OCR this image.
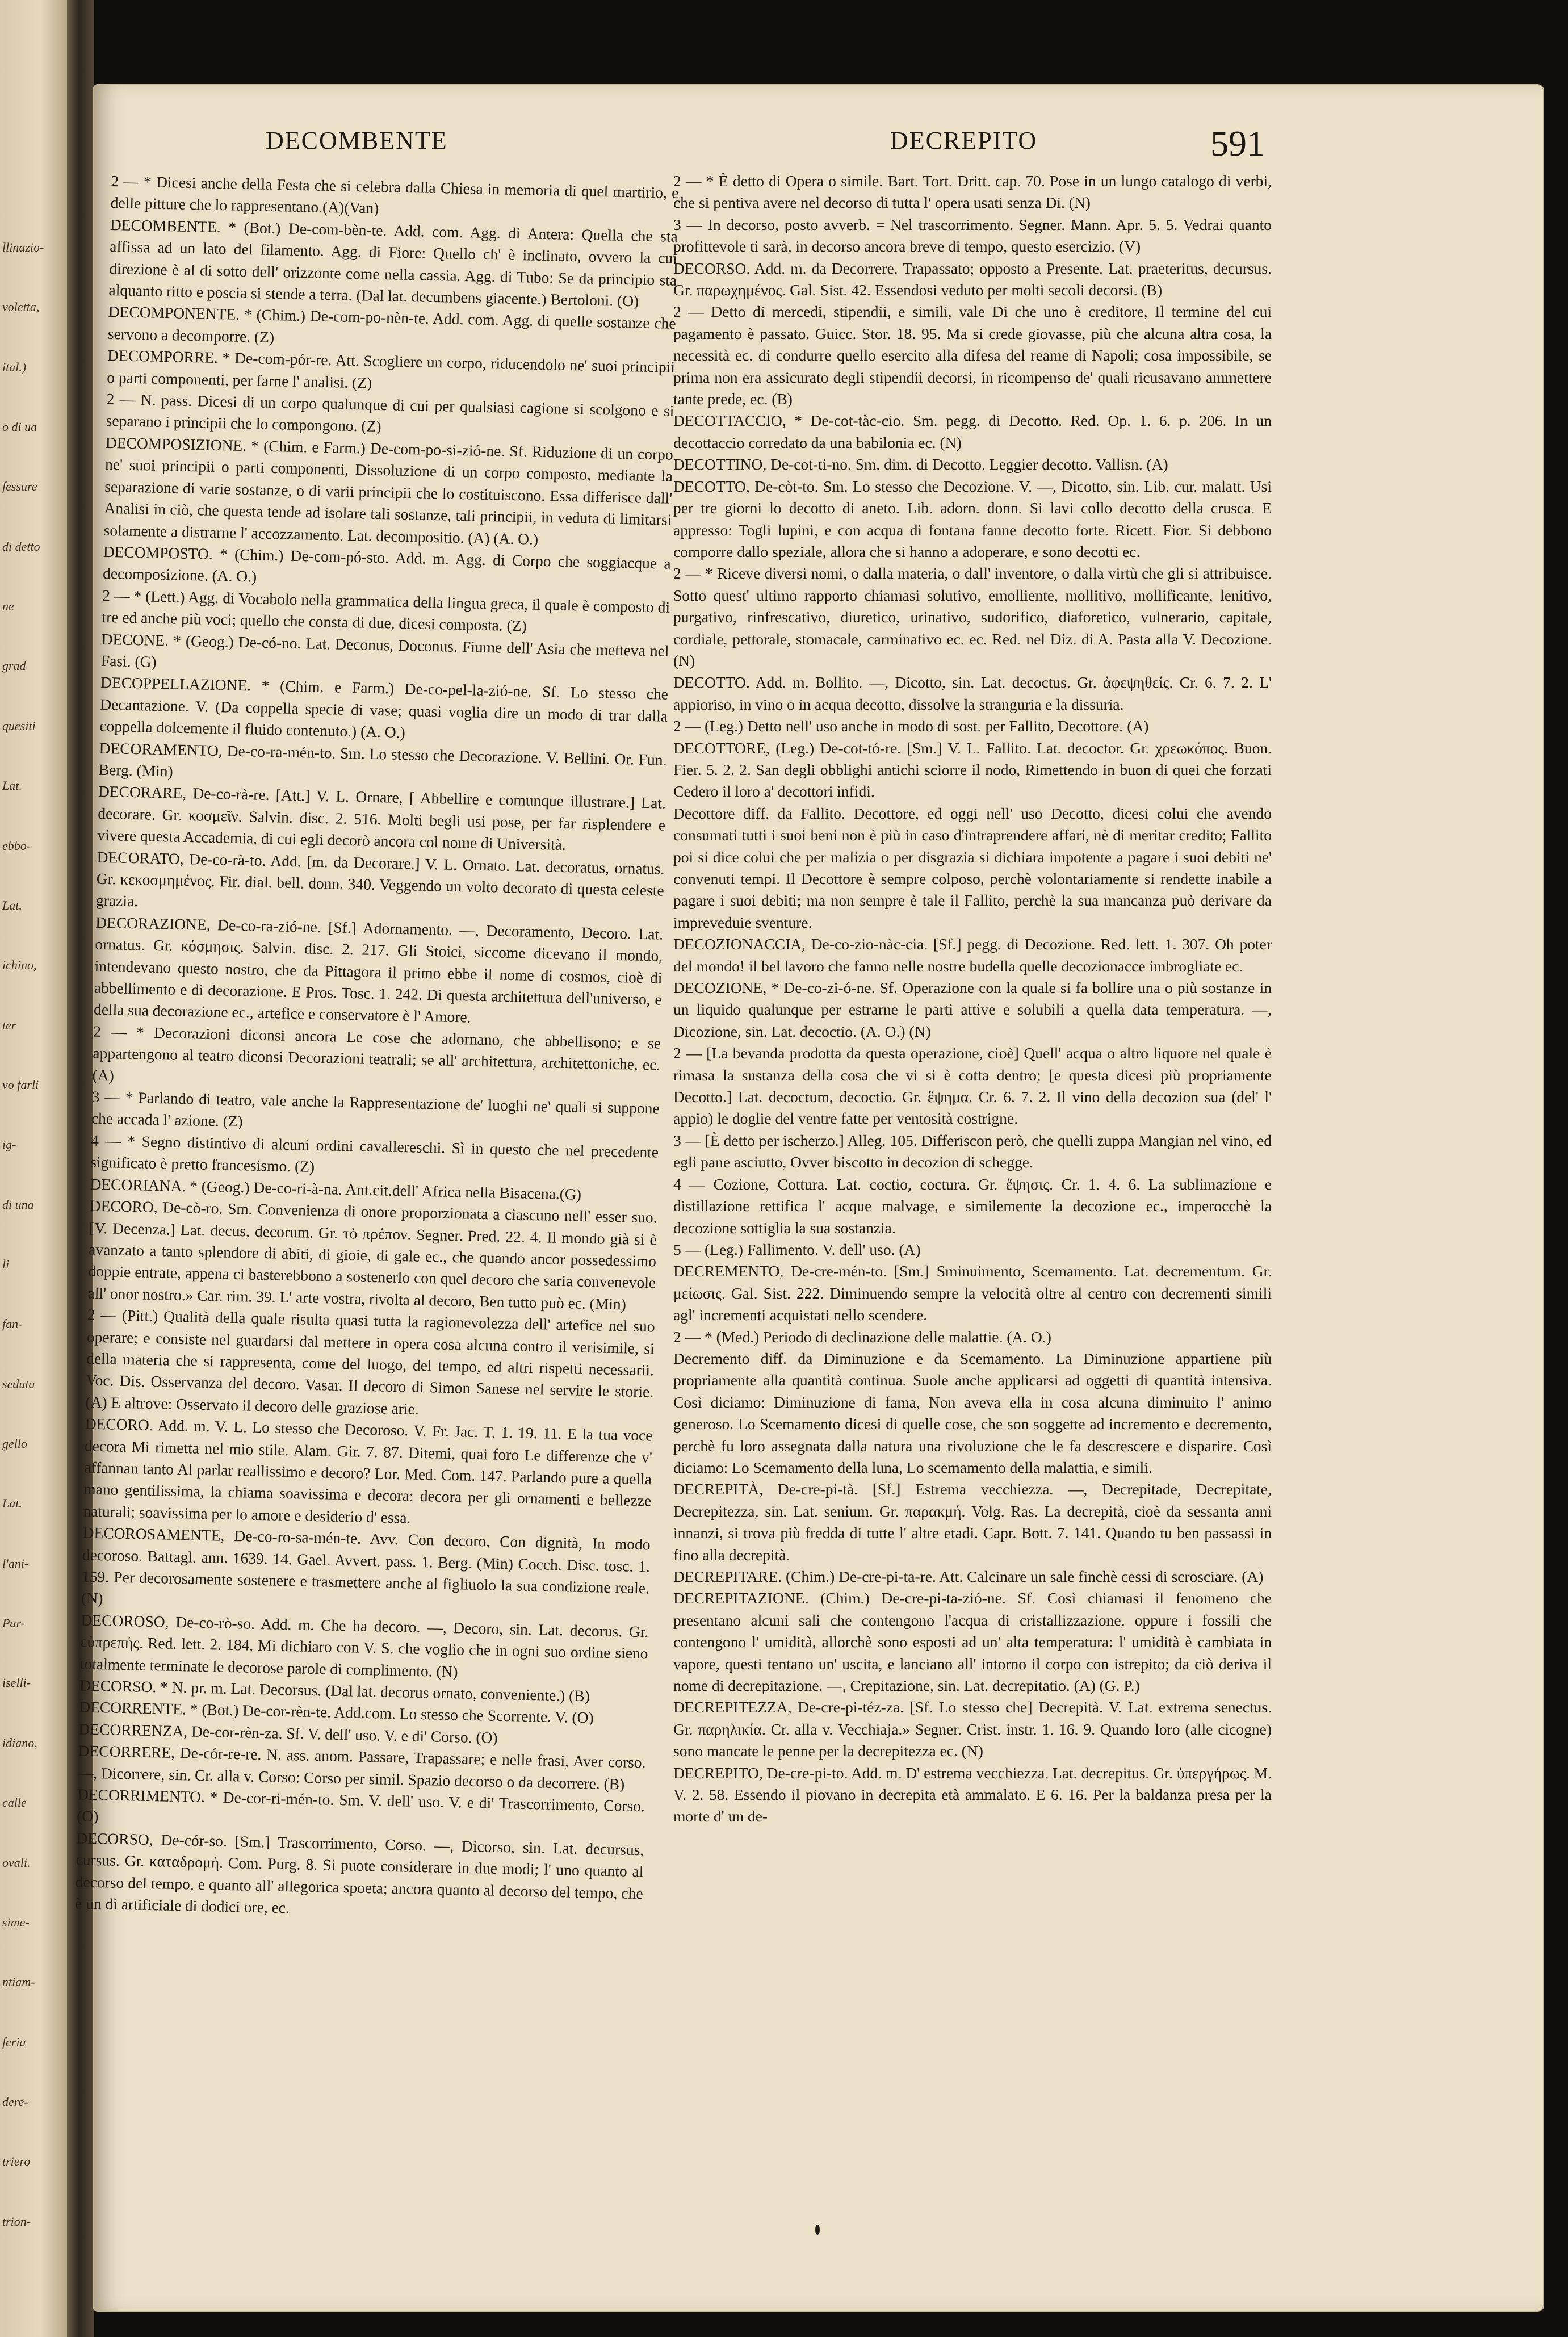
llinazio-
voletta,
ital.)
o di ua
fessure
di detto
ne
grad
quesiti
Lat.
ebbo-
Lat.
ichino,
ter
vo farli
ig-
di una
li
fan-
seduta
gello
Lat.
l'ani-
Par-
iselli-
idiano,
calle
ovali.
sime-
ntiam-
feria
dere-
triero
trion-
DECOMBENTE	DECREPITO	591

2 — * Dicesi anche della Festa che si celebra dalla Chiesa in memoria di quel martirio, e delle pitture che lo rappresentano.(A)(Van)

DECOMBENTE. * (Bot.) De-com-bèn-te. Add. com. Agg. di Antera: Quella che sta affissa ad un lato del filamento. Agg. di Fiore: Quello ch' è inclinato, ovvero la cui direzione è al di sotto dell' orizzonte come nella cassia. Agg. di Tubo: Se da principio sta alquanto ritto e poscia si stende a terra. (Dal lat. decumbens giacente.) Bertoloni. (O)

DECOMPONENTE. * (Chim.) De-com-po-nèn-te. Add. com. Agg. di quelle sostanze che servono a decomporre. (Z)

DECOMPORRE. * De-com-pór-re. Att. Scogliere un corpo, riducendolo ne' suoi principii o parti componenti, per farne l' analisi. (Z)

2 — N. pass. Dicesi di un corpo qualunque di cui per qualsiasi cagione si scolgono e si separano i principii che lo compongono. (Z)

DECOMPOSIZIONE. * (Chim. e Farm.) De-com-po-si-zió-ne. Sf. Riduzione di un corpo ne' suoi principii o parti componenti, Dissoluzione di un corpo composto, mediante la separazione di varie sostanze, o di varii principii che lo costituiscono. Essa differisce dall' Analisi in ciò, che questa tende ad isolare tali sostanze, tali principii, in veduta di limitarsi solamente a distrarne l' accozzamento. Lat. decompositio. (A) (A. O.)

DECOMPOSTO. * (Chim.) De-com-pó-sto. Add. m. Agg. di Corpo che soggiacque a decomposizione. (A. O.)

2 — * (Lett.) Agg. di Vocabolo nella grammatica della lingua greca, il quale è composto di tre ed anche più voci; quello che consta di due, dicesi composta. (Z)

DECONE. * (Geog.) De-có-no. Lat. Deconus, Doconus. Fiume dell' Asia che metteva nel Fasi. (G)

DECOPPELLAZIONE. * (Chim. e Farm.) De-co-pel-la-zió-ne. Sf. Lo stesso che Decantazione. V. (Da coppella specie di vase; quasi voglia dire un modo di trar dalla coppella dolcemente il fluido contenuto.) (A. O.)

DECORAMENTO, De-co-ra-mén-to. Sm. Lo stesso che Decorazione. V. Bellini. Or. Fun. Berg. (Min)

DECORARE, De-co-rà-re. [Att.] V. L. Ornare, [ Abbellire e comunque illustrare.] Lat. decorare. Gr. κοσμεῖν. Salvin. disc. 2. 516. Molti begli usi pose, per far risplendere e vivere questa Accademia, di cui egli decorò ancora col nome di Università.

DECORATO, De-co-rà-to. Add. [m. da Decorare.] V. L. Ornato. Lat. decoratus, ornatus. Gr. κεκοσμημένος. Fir. dial. bell. donn. 340. Veggendo un volto decorato di questa celeste grazia.

DECORAZIONE, De-co-ra-zió-ne. [Sf.] Adornamento. —, Decoramento, Decoro. Lat. ornatus. Gr. κόσμησις. Salvin. disc. 2. 217. Gli Stoici, siccome dicevano il mondo, intendevano questo nostro, che da Pittagora il primo ebbe il nome di cosmos, cioè di abbellimento e di decorazione. E Pros. Tosc. 1. 242. Di questa architettura dell'universo, e della sua decorazione ec., artefice e conservatore è l' Amore.

2 — * Decorazioni diconsi ancora Le cose che adornano, che abbellisono; e se appartengono al teatro diconsi Decorazioni teatrali; se all' architettura, architettoniche, ec. (A)

3 — * Parlando di teatro, vale anche la Rappresentazione de' luoghi ne' quali si suppone che accada l' azione. (Z)

4 — * Segno distintivo di alcuni ordini cavallereschi. Sì in questo che nel precedente significato è pretto francesismo. (Z)

DECORIANA. * (Geog.) De-co-ri-à-na. Ant.cit.dell' Africa nella Bisacena.(G)

DECORO, De-cò-ro. Sm. Convenienza di onore proporzionata a ciascuno nell' esser suo. [V. Decenza.] Lat. decus, decorum. Gr. τὸ πρέπον. Segner. Pred. 22. 4. Il mondo già si è avanzato a tanto splendore di abiti, di gioie, di gale ec., che quando ancor possedessimo doppie entrate, appena ci basterebbono a sostenerlo con quel decoro che saria convenevole all' onor nostro.» Car. rim. 39. L' arte vostra, rivolta al decoro, Ben tutto può ec. (Min)

2 — (Pitt.) Qualità della quale risulta quasi tutta la ragionevolezza dell' artefice nel suo operare; e consiste nel guardarsi dal mettere in opera cosa alcuna contro il verisimile, si della materia che si rappresenta, come del luogo, del tempo, ed altri rispetti necessarii. Voc. Dis. Osservanza del decoro. Vasar. Il decoro di Simon Sanese nel servire le storie. (A) E altrove: Osservato il decoro delle graziose arie.

DECORO. Add. m. V. L. Lo stesso che Decoroso. V. Fr. Jac. T. 1. 19. 11. E la tua voce decora Mi rimetta nel mio stile. Alam. Gir. 7. 87. Ditemi, quai foro Le differenze che v' affannan tanto Al parlar reallissimo e decoro? Lor. Med. Com. 147. Parlando pure a quella mano gentilissima, la chiama soavissima e decora: decora per gli ornamenti e bellezze naturali; soavissima per lo amore e desiderio d' essa.

DECOROSAMENTE, De-co-ro-sa-mén-te. Avv. Con decoro, Con dignità, In modo decoroso. Battagl. ann. 1639. 14. Gael. Avvert. pass. 1. Berg. (Min) Cocch. Disc. tosc. 1. 159. Per decorosamente sostenere e trasmettere anche al figliuolo la sua condizione reale. (N)

DECOROSO, De-co-rò-so. Add. m. Che ha decoro. —, Decoro, sin. Lat. decorus. Gr. εὐπρεπής. Red. lett. 2. 184. Mi dichiaro con V. S. che voglio che in ogni suo ordine sieno totalmente terminate le decorose parole di complimento. (N)

DECORSO. * N. pr. m. Lat. Decorsus. (Dal lat. decorus ornato, conveniente.) (B)

DECORRENTE. * (Bot.) De-cor-rèn-te. Add.com. Lo stesso che Scorrente. V. (O)

DECORRENZA, De-cor-rèn-za. Sf. V. dell' uso. V. e di' Corso. (O)

DECORRERE, De-cór-re-re. N. ass. anom. Passare, Trapassare; e nelle frasi, Aver corso. —, Dicorrere, sin. Cr. alla v. Corso: Corso per simil. Spazio decorso o da decorrere. (B)

DECORRIMENTO. * De-cor-ri-mén-to. Sm. V. dell' uso. V. e di' Trascorrimento, Corso. (O)

DECORSO, De-cór-so. [Sm.] Trascorrimento, Corso. —, Dicorso, sin. Lat. decursus, cursus. Gr. καταδρομή. Com. Purg. 8. Si puote considerare in due modi; l' uno quanto al decorso del tempo, e quanto all' allegorica spoeta; ancora quanto al decorso del tempo, che è un dì artificiale di dodici ore, ec.

2 — * È detto di Opera o simile. Bart. Tort. Dritt. cap. 70. Pose in un lungo catalogo di verbi, che si pentiva avere nel decorso di tutta l' opera usati senza Di. (N)

3 — In decorso, posto avverb. = Nel trascorrimento. Segner. Mann. Apr. 5. 5. Vedrai quanto profittevole ti sarà, in decorso ancora breve di tempo, questo esercizio. (V)

DECORSO. Add. m. da Decorrere. Trapassato; opposto a Presente. Lat. praeteritus, decursus. Gr. παρωχημένος. Gal. Sist. 42. Essendosi veduto per molti secoli decorsi. (B)

2 — Detto di mercedi, stipendii, e simili, vale Di che uno è creditore, Il termine del cui pagamento è passato. Guicc. Stor. 18. 95. Ma si crede giovasse, più che alcuna altra cosa, la necessità ec. di condurre quello esercito alla difesa del reame di Napoli; cosa impossibile, se prima non era assicurato degli stipendii decorsi, in ricompenso de' quali ricusavano ammettere tante prede, ec. (B)

DECOTTACCIO, * De-cot-tàc-cio. Sm. pegg. di Decotto. Red. Op. 1. 6. p. 206. In un decottaccio corredato da una babilonia ec. (N)

DECOTTINO, De-cot-ti-no. Sm. dim. di Decotto. Leggier decotto. Vallisn. (A)

DECOTTO, De-còt-to. Sm. Lo stesso che Decozione. V. —, Dicotto, sin. Lib. cur. malatt. Usi per tre giorni lo decotto di aneto. Lib. adorn. donn. Si lavi collo decotto della crusca. E appresso: Togli lupini, e con acqua di fontana fanne decotto forte. Ricett. Fior. Si debbono comporre dallo speziale, allora che si hanno a adoperare, e sono decotti ec.

2 — * Riceve diversi nomi, o dalla materia, o dall' inventore, o dalla virtù che gli si attribuisce. Sotto quest' ultimo rapporto chiamasi solutivo, emolliente, mollitivo, mollificante, lenitivo, purgativo, rinfrescativo, diuretico, urinativo, sudorifico, diaforetico, vulnerario, capitale, cordiale, pettorale, stomacale, carminativo ec. ec. Red. nel Diz. di A. Pasta alla V. Decozione. (N)

DECOTTO. Add. m. Bollito. —, Dicotto, sin. Lat. decoctus. Gr. ἀφεψηθείς. Cr. 6. 7. 2. L' appioriso, in vino o in acqua decotto, dissolve la stranguria e la dissuria.

2 — (Leg.) Detto nell' uso anche in modo di sost. per Fallito, Decottore. (A)

DECOTTORE, (Leg.) De-cot-tó-re. [Sm.] V. L. Fallito. Lat. decoctor. Gr. χρεωκόπος. Buon. Fier. 5. 2. 2. San degli obblighi antichi sciorre il nodo, Rimettendo in buon di quei che forzati Cedero il loro a' decottori infidi.

Decottore diff. da Fallito. Decottore, ed oggi nell' uso Decotto, dicesi colui che avendo consumati tutti i suoi beni non è più in caso d'intraprendere affari, nè di meritar credito; Fallito poi si dice colui che per malizia o per disgrazia si dichiara impotente a pagare i suoi debiti ne' convenuti tempi. Il Decottore è sempre colposo, perchè volontariamente si rendette inabile a pagare i suoi debiti; ma non sempre è tale il Fallito, perchè la sua mancanza può derivare da impreveduie sventure.

DECOZIONACCIA, De-co-zio-nàc-cia. [Sf.] pegg. di Decozione. Red. lett. 1. 307. Oh poter del mondo! il bel lavoro che fanno nelle nostre budella quelle decozionacce imbrogliate ec.

DECOZIONE, * De-co-zi-ó-ne. Sf. Operazione con la quale si fa bollire una o più sostanze in un liquido qualunque per estrarne le parti attive e solubili a quella data temperatura. —, Dicozione, sin. Lat. decoctio. (A. O.) (N)

2 — [La bevanda prodotta da questa operazione, cioè] Quell' acqua o altro liquore nel quale è rimasa la sustanza della cosa che vi si è cotta dentro; [e questa dicesi più propriamente Decotto.] Lat. decoctum, decoctio. Gr. ἕψημα. Cr. 6. 7. 2. Il vino della decozion sua (del' l' appio) le doglie del ventre fatte per ventosità costrigne.

3 — [È detto per ischerzo.] Alleg. 105. Differiscon però, che quelli zuppa Mangian nel vino, ed egli pane asciutto, Ovver biscotto in decozion di schegge.

4 — Cozione, Cottura. Lat. coctio, coctura. Gr. ἕψησις. Cr. 1. 4. 6. La sublimazione e distillazione rettifica l' acque malvage, e similemente la decozione ec., imperocchè la decozione sottiglia la sua sostanzia.

5 — (Leg.) Fallimento. V. dell' uso. (A)

DECREMENTO, De-cre-mén-to. [Sm.] Sminuimento, Scemamento. Lat. decrementum. Gr. μείωσις. Gal. Sist. 222. Diminuendo sempre la velocità oltre al centro con decrementi simili agl' incrementi acquistati nello scendere.

2 — * (Med.) Periodo di declinazione delle malattie. (A. O.)

Decremento diff. da Diminuzione e da Scemamento. La Diminuzione appartiene più propriamente alla quantità continua. Suole anche applicarsi ad oggetti di quantità intensiva. Così diciamo: Diminuzione di fama, Non aveva ella in cosa alcuna diminuito l' animo generoso. Lo Scemamento dicesi di quelle cose, che son soggette ad incremento e decremento, perchè fu loro assegnata dalla natura una rivoluzione che le fa descrescere e disparire. Così diciamo: Lo Scemamento della luna, Lo scemamento della malattia, e simili.

DECREPITÀ, De-cre-pi-tà. [Sf.] Estrema vecchiezza. —, Decrepitade, Decrepitate, Decrepitezza, sin. Lat. senium. Gr. παρακμή. Volg. Ras. La decrepità, cioè da sessanta anni innanzi, si trova più fredda di tutte l' altre etadi. Capr. Bott. 7. 141. Quando tu ben passassi in fino alla decrepità.

DECREPITARE. (Chim.) De-cre-pi-ta-re. Att. Calcinare un sale finchè cessi di scrosciare. (A)

DECREPITAZIONE. (Chim.) De-cre-pi-ta-zió-ne. Sf. Così chiamasi il fenomeno che presentano alcuni sali che contengono l'acqua di cristallizzazione, oppure i fossili che contengono l' umidità, allorchè sono esposti ad un' alta temperatura: l' umidità è cambiata in vapore, questi tentano un' uscita, e lanciano all' intorno il corpo con istrepito; da ciò deriva il nome di decrepitazione. —, Crepitazione, sin. Lat. decrepitatio. (A) (G. P.)

DECREPITEZZA, De-cre-pi-téz-za. [Sf. Lo stesso che] Decrepità. V. Lat. extrema senectus. Gr. παρηλικία. Cr. alla v. Vecchiaja.» Segner. Crist. instr. 1. 16. 9. Quando loro (alle cicogne) sono mancate le penne per la decrepitezza ec. (N)

DECREPITO, De-cre-pi-to. Add. m. D' estrema vecchiezza. Lat. decrepitus. Gr. ὑπεργήρως. M. V. 2. 58. Essendo il piovano in decrepita età ammalato. E 6. 16. Per la baldanza presa per la morte d' un de-
